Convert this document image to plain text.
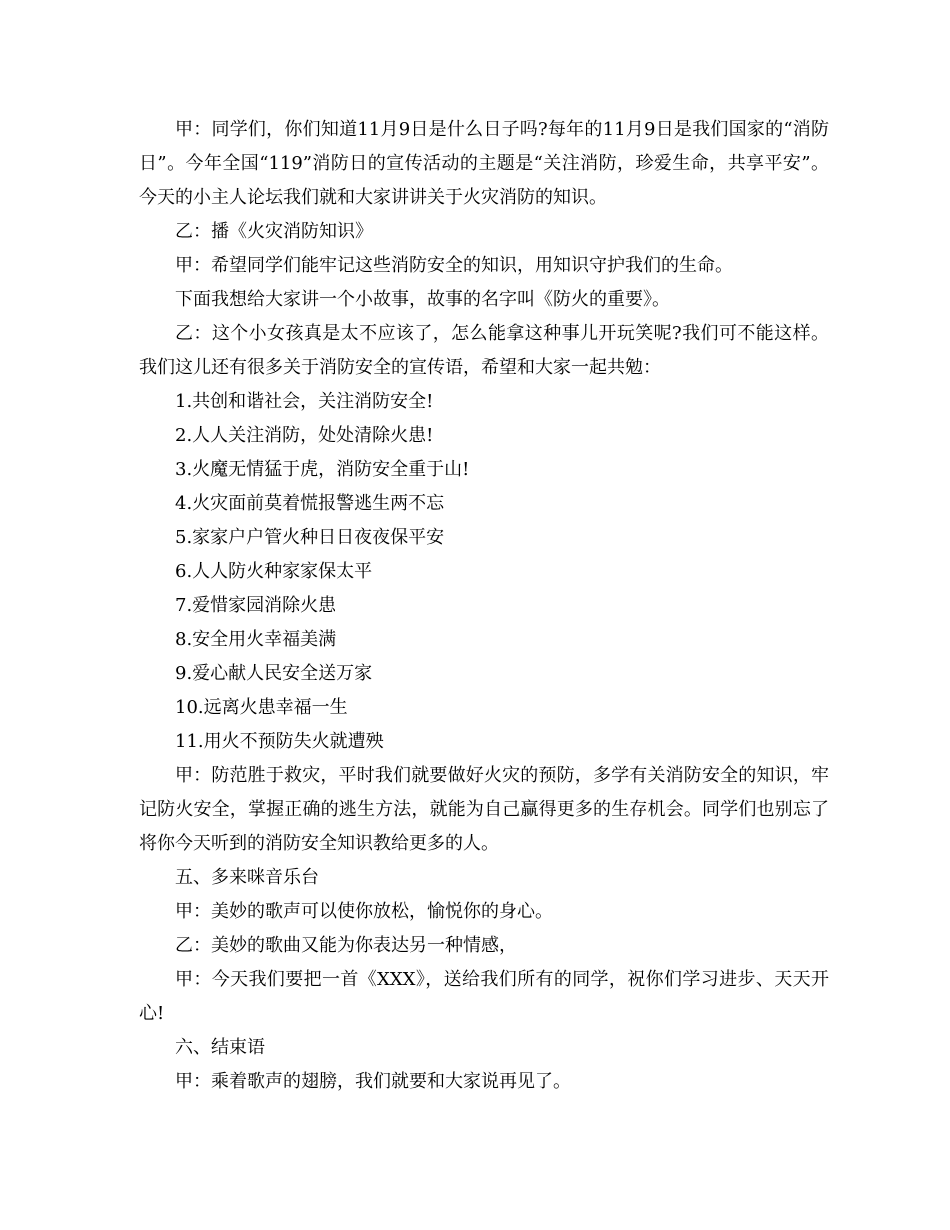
甲：同学们，你们知道11月9日是什么日子吗?每年的11月9日是我们国家的“消防日”。今年全国“119”消防日的宣传活动的主题是“关注消防，珍爱生命，共享平安”。今天的小主人论坛我们就和大家讲讲关于火灾消防的知识。

乙：播《火灾消防知识》

甲：希望同学们能牢记这些消防安全的知识，用知识守护我们的生命。

下面我想给大家讲一个小故事，故事的名字叫《防火的重要》。

乙：这个小女孩真是太不应该了，怎么能拿这种事儿开玩笑呢?我们可不能这样。我们这儿还有很多关于消防安全的宣传语，希望和大家一起共勉：

1.共创和谐社会，关注消防安全!

2.人人关注消防，处处清除火患!

3.火魔无情猛于虎，消防安全重于山!

4.火灾面前莫着慌报警逃生两不忘

5.家家户户管火种日日夜夜保平安

6.人人防火种家家保太平

7.爱惜家园消除火患

8.安全用火幸福美满

9.爱心献人民安全送万家

10.远离火患幸福一生

11.用火不预防失火就遭殃

甲：防范胜于救灾，平时我们就要做好火灾的预防，多学有关消防安全的知识，牢记防火安全，掌握正确的逃生方法，就能为自己赢得更多的生存机会。同学们也别忘了将你今天听到的消防安全知识教给更多的人。

五、多来咪音乐台

甲：美妙的歌声可以使你放松，愉悦你的身心。

乙：美妙的歌曲又能为你表达另一种情感，

甲：今天我们要把一首《XXX》，送给我们所有的同学，祝你们学习进步、天天开心!

六、结束语

甲：乘着歌声的翅膀，我们就要和大家说再见了。
